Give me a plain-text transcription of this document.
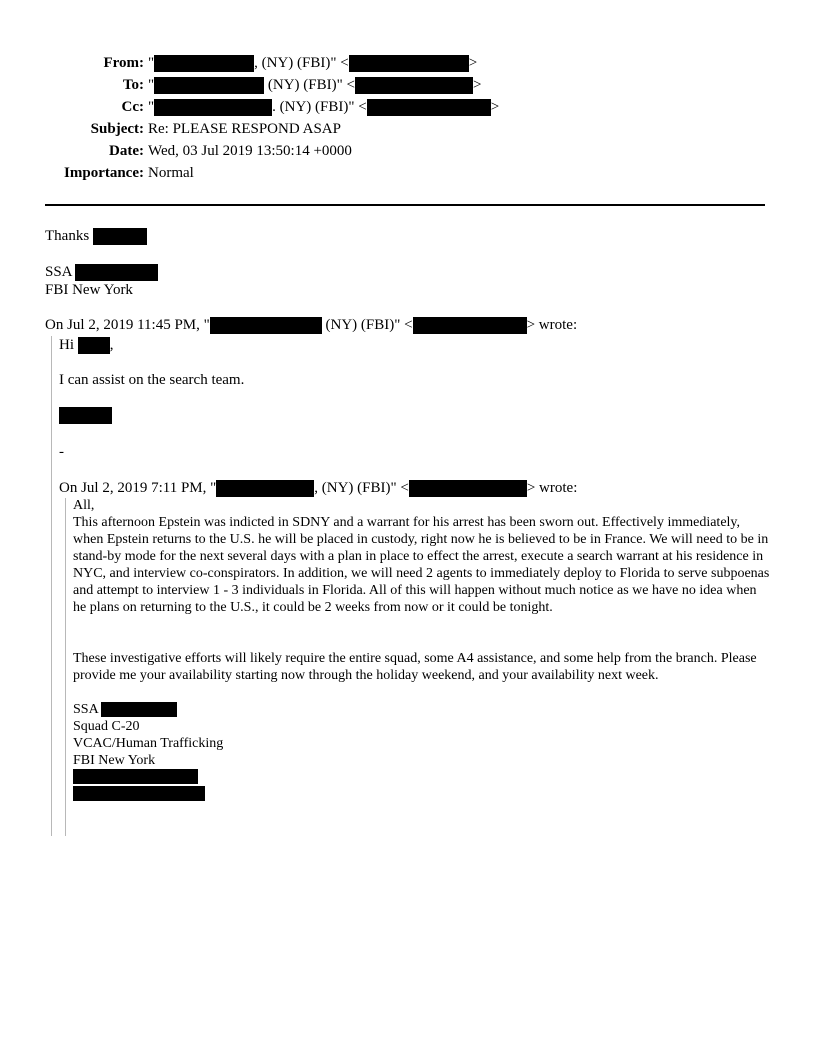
From: "	, (NY) (FBI)" <	>
To: "	(NY) (FBI)" <	>
Cc: "	. (NY) (FBI)" <	>
Subject: Re: PLEASE RESPOND ASAP
Date: Wed, 03 Jul 2019 13:50:14 +0000
Importance: Normal
Thanks
SSA
FBI New York
On Jul 2, 2019 11:45 PM, "	(NY) (FBI)" <	> wrote:
Hi ,
I can assist on the search team.
-
On Jul 2, 2019 7:11 PM, "	, (NY) (FBI)" <	> wrote:
All,
This afternoon Epstein was indicted in SDNY and a warrant for his arrest has been sworn out. Effectively immediately, when Epstein returns to the U.S. he will be placed in custody, right now he is believed to be in France. We will need to be in stand-by mode for the next several days with a plan in place to effect the arrest, execute a search warrant at his residence in NYC, and interview co-conspirators. In addition, we will need 2 agents to immediately deploy to Florida to serve subpoenas and attempt to interview 1 - 3 individuals in Florida. All of this will happen without much notice as we have no idea when he plans on returning to the U.S., it could be 2 weeks from now or it could be tonight.
These investigative efforts will likely require the entire squad, some A4 assistance, and some help from the branch. Please provide me your availability starting now through the holiday weekend, and your availability next week.
SSA
Squad C-20
VCAC/Human Trafficking
FBI New York
